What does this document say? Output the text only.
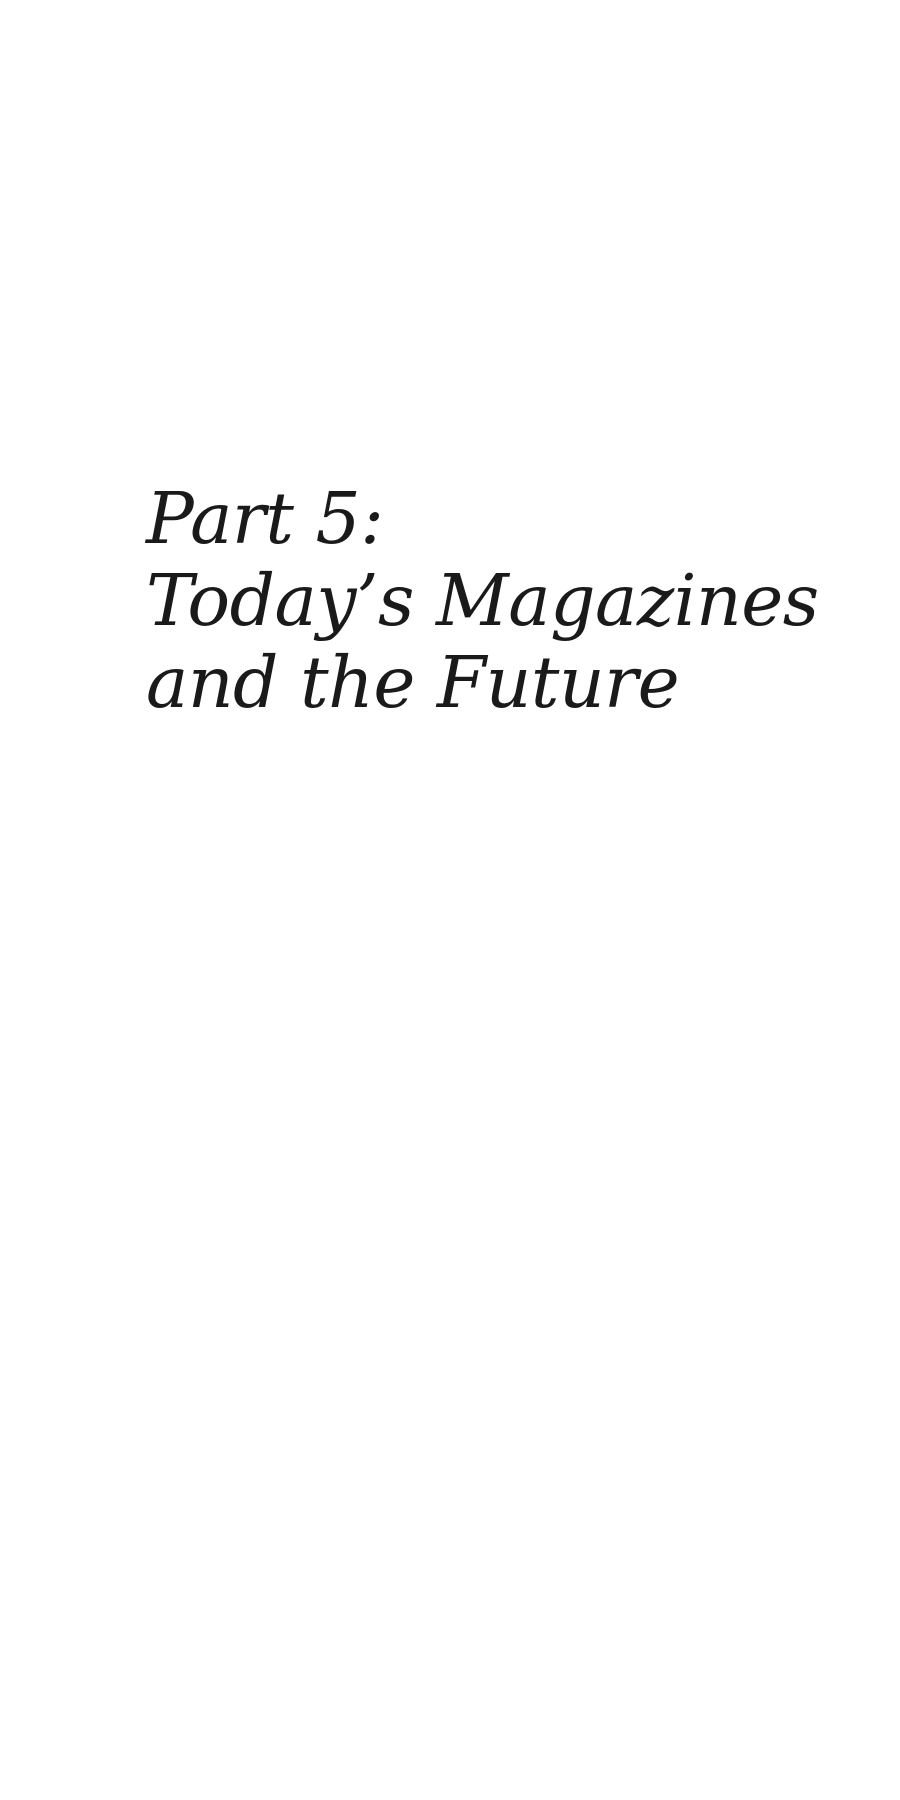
Part 5:
Today’s Magazines
and the Future
